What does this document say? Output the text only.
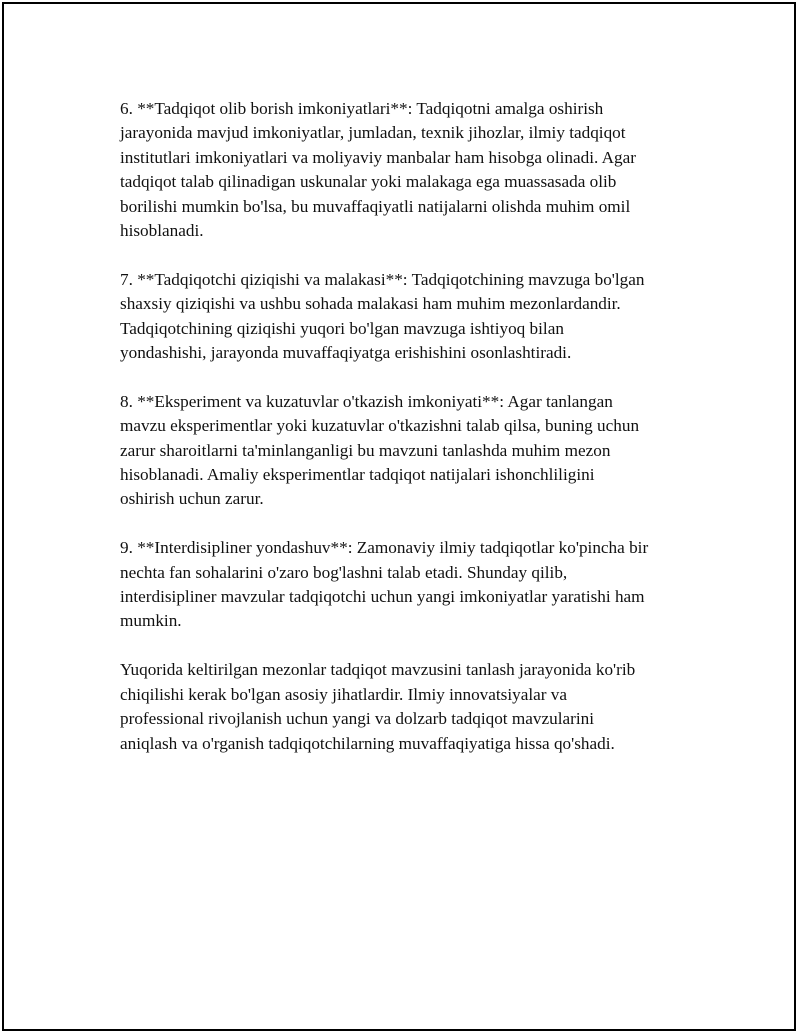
6. **Tadqiqot olib borish imkoniyatlari**: Tadqiqotni amalga oshirish
jarayonida mavjud imkoniyatlar, jumladan, texnik jihozlar, ilmiy tadqiqot
institutlari imkoniyatlari va moliyaviy manbalar ham hisobga olinadi. Agar
tadqiqot talab qilinadigan uskunalar yoki malakaga ega muassasada olib
borilishi mumkin bo'lsa, bu muvaffaqiyatli natijalarni olishda muhim omil
hisoblanadi.

7. **Tadqiqotchi qiziqishi va malakasi**: Tadqiqotchining mavzuga bo'lgan
shaxsiy qiziqishi va ushbu sohada malakasi ham muhim mezonlardandir.
Tadqiqotchining qiziqishi yuqori bo'lgan mavzuga ishtiyoq bilan
yondashishi, jarayonda muvaffaqiyatga erishishini osonlashtiradi.

8. **Eksperiment va kuzatuvlar o'tkazish imkoniyati**: Agar tanlangan
mavzu eksperimentlar yoki kuzatuvlar o'tkazishni talab qilsa, buning uchun
zarur sharoitlarni ta'minlanganligi bu mavzuni tanlashda muhim mezon
hisoblanadi. Amaliy eksperimentlar tadqiqot natijalari ishonchliligini
oshirish uchun zarur.

9. **Interdisipliner yondashuv**: Zamonaviy ilmiy tadqiqotlar ko'pincha bir
nechta fan sohalarini o'zaro bog'lashni talab etadi. Shunday qilib,
interdisipliner mavzular tadqiqotchi uchun yangi imkoniyatlar yaratishi ham
mumkin.

Yuqorida keltirilgan mezonlar tadqiqot mavzusini tanlash jarayonida ko'rib
chiqilishi kerak bo'lgan asosiy jihatlardir. Ilmiy innovatsiyalar va
professional rivojlanish uchun yangi va dolzarb tadqiqot mavzularini
aniqlash va o'rganish tadqiqotchilarning muvaffaqiyatiga hissa qo'shadi.
